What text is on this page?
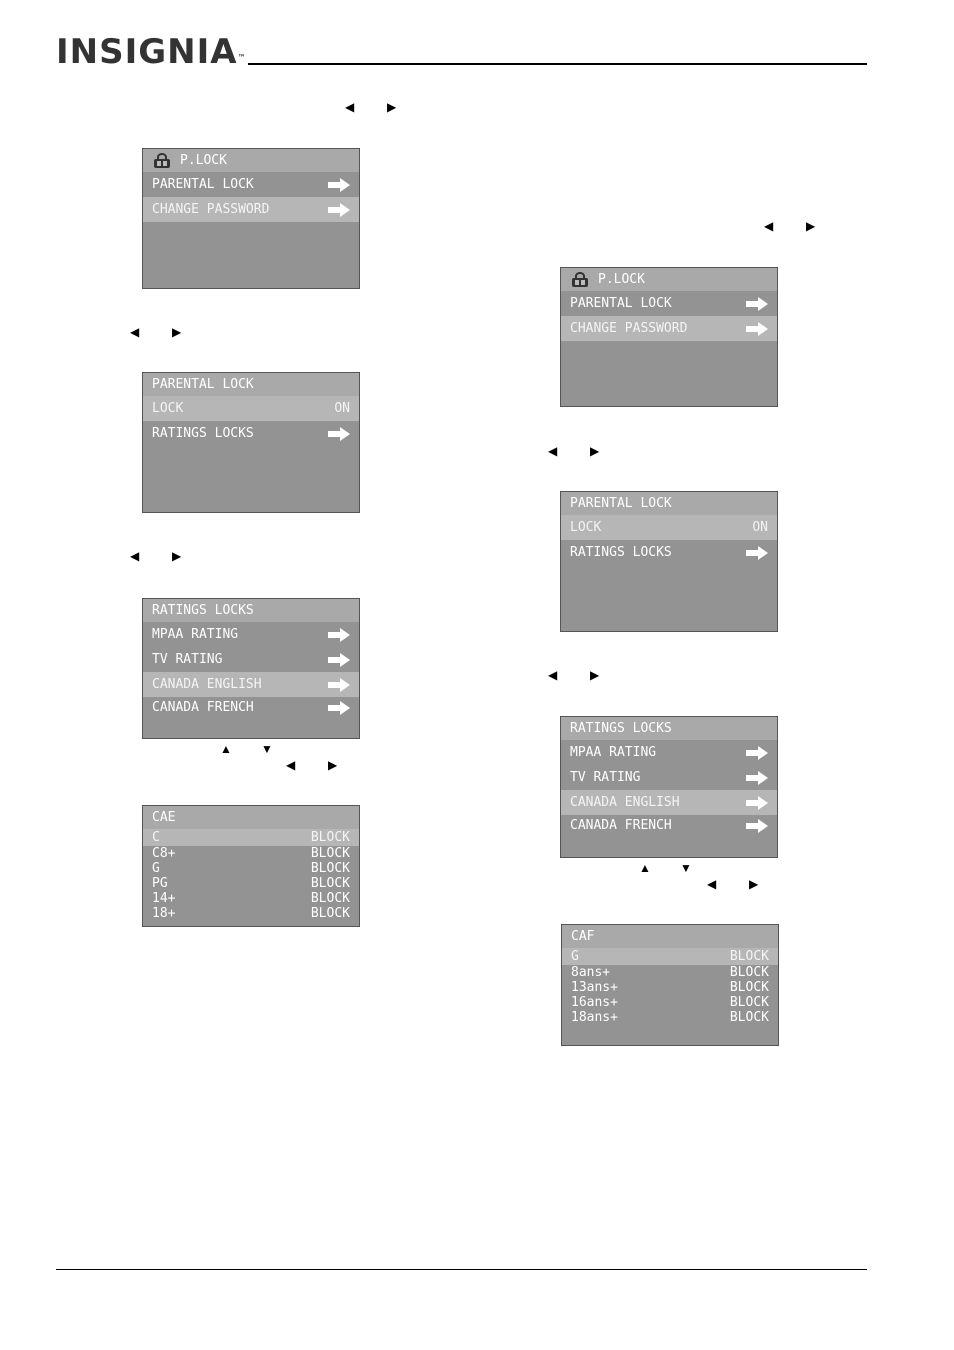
INSIGNIA™
◀	▶
P.LOCK
PARENTAL LOCK
CHANGE PASSWORD
◀	▶
PARENTAL LOCK
LOCK	ON
RATINGS LOCKS
◀	▶
RATINGS LOCKS
MPAA RATING
TV RATING
CANADA ENGLISH
CANADA FRENCH
▲ ▼
◀	▶
CAE
C	BLOCK
C8+	BLOCK
G	BLOCK
PG	BLOCK
14+	BLOCK
18+	BLOCK
◀	▶
P.LOCK
PARENTAL LOCK
CHANGE PASSWORD
◀	▶
PARENTAL LOCK
LOCK	ON
RATINGS LOCKS
◀	▶
RATINGS LOCKS
MPAA RATING
TV RATING
CANADA ENGLISH
CANADA FRENCH
▲ ▼
◀	▶
CAF
G	BLOCK
8ans+	BLOCK
13ans+	BLOCK
16ans+	BLOCK
18ans+	BLOCK
